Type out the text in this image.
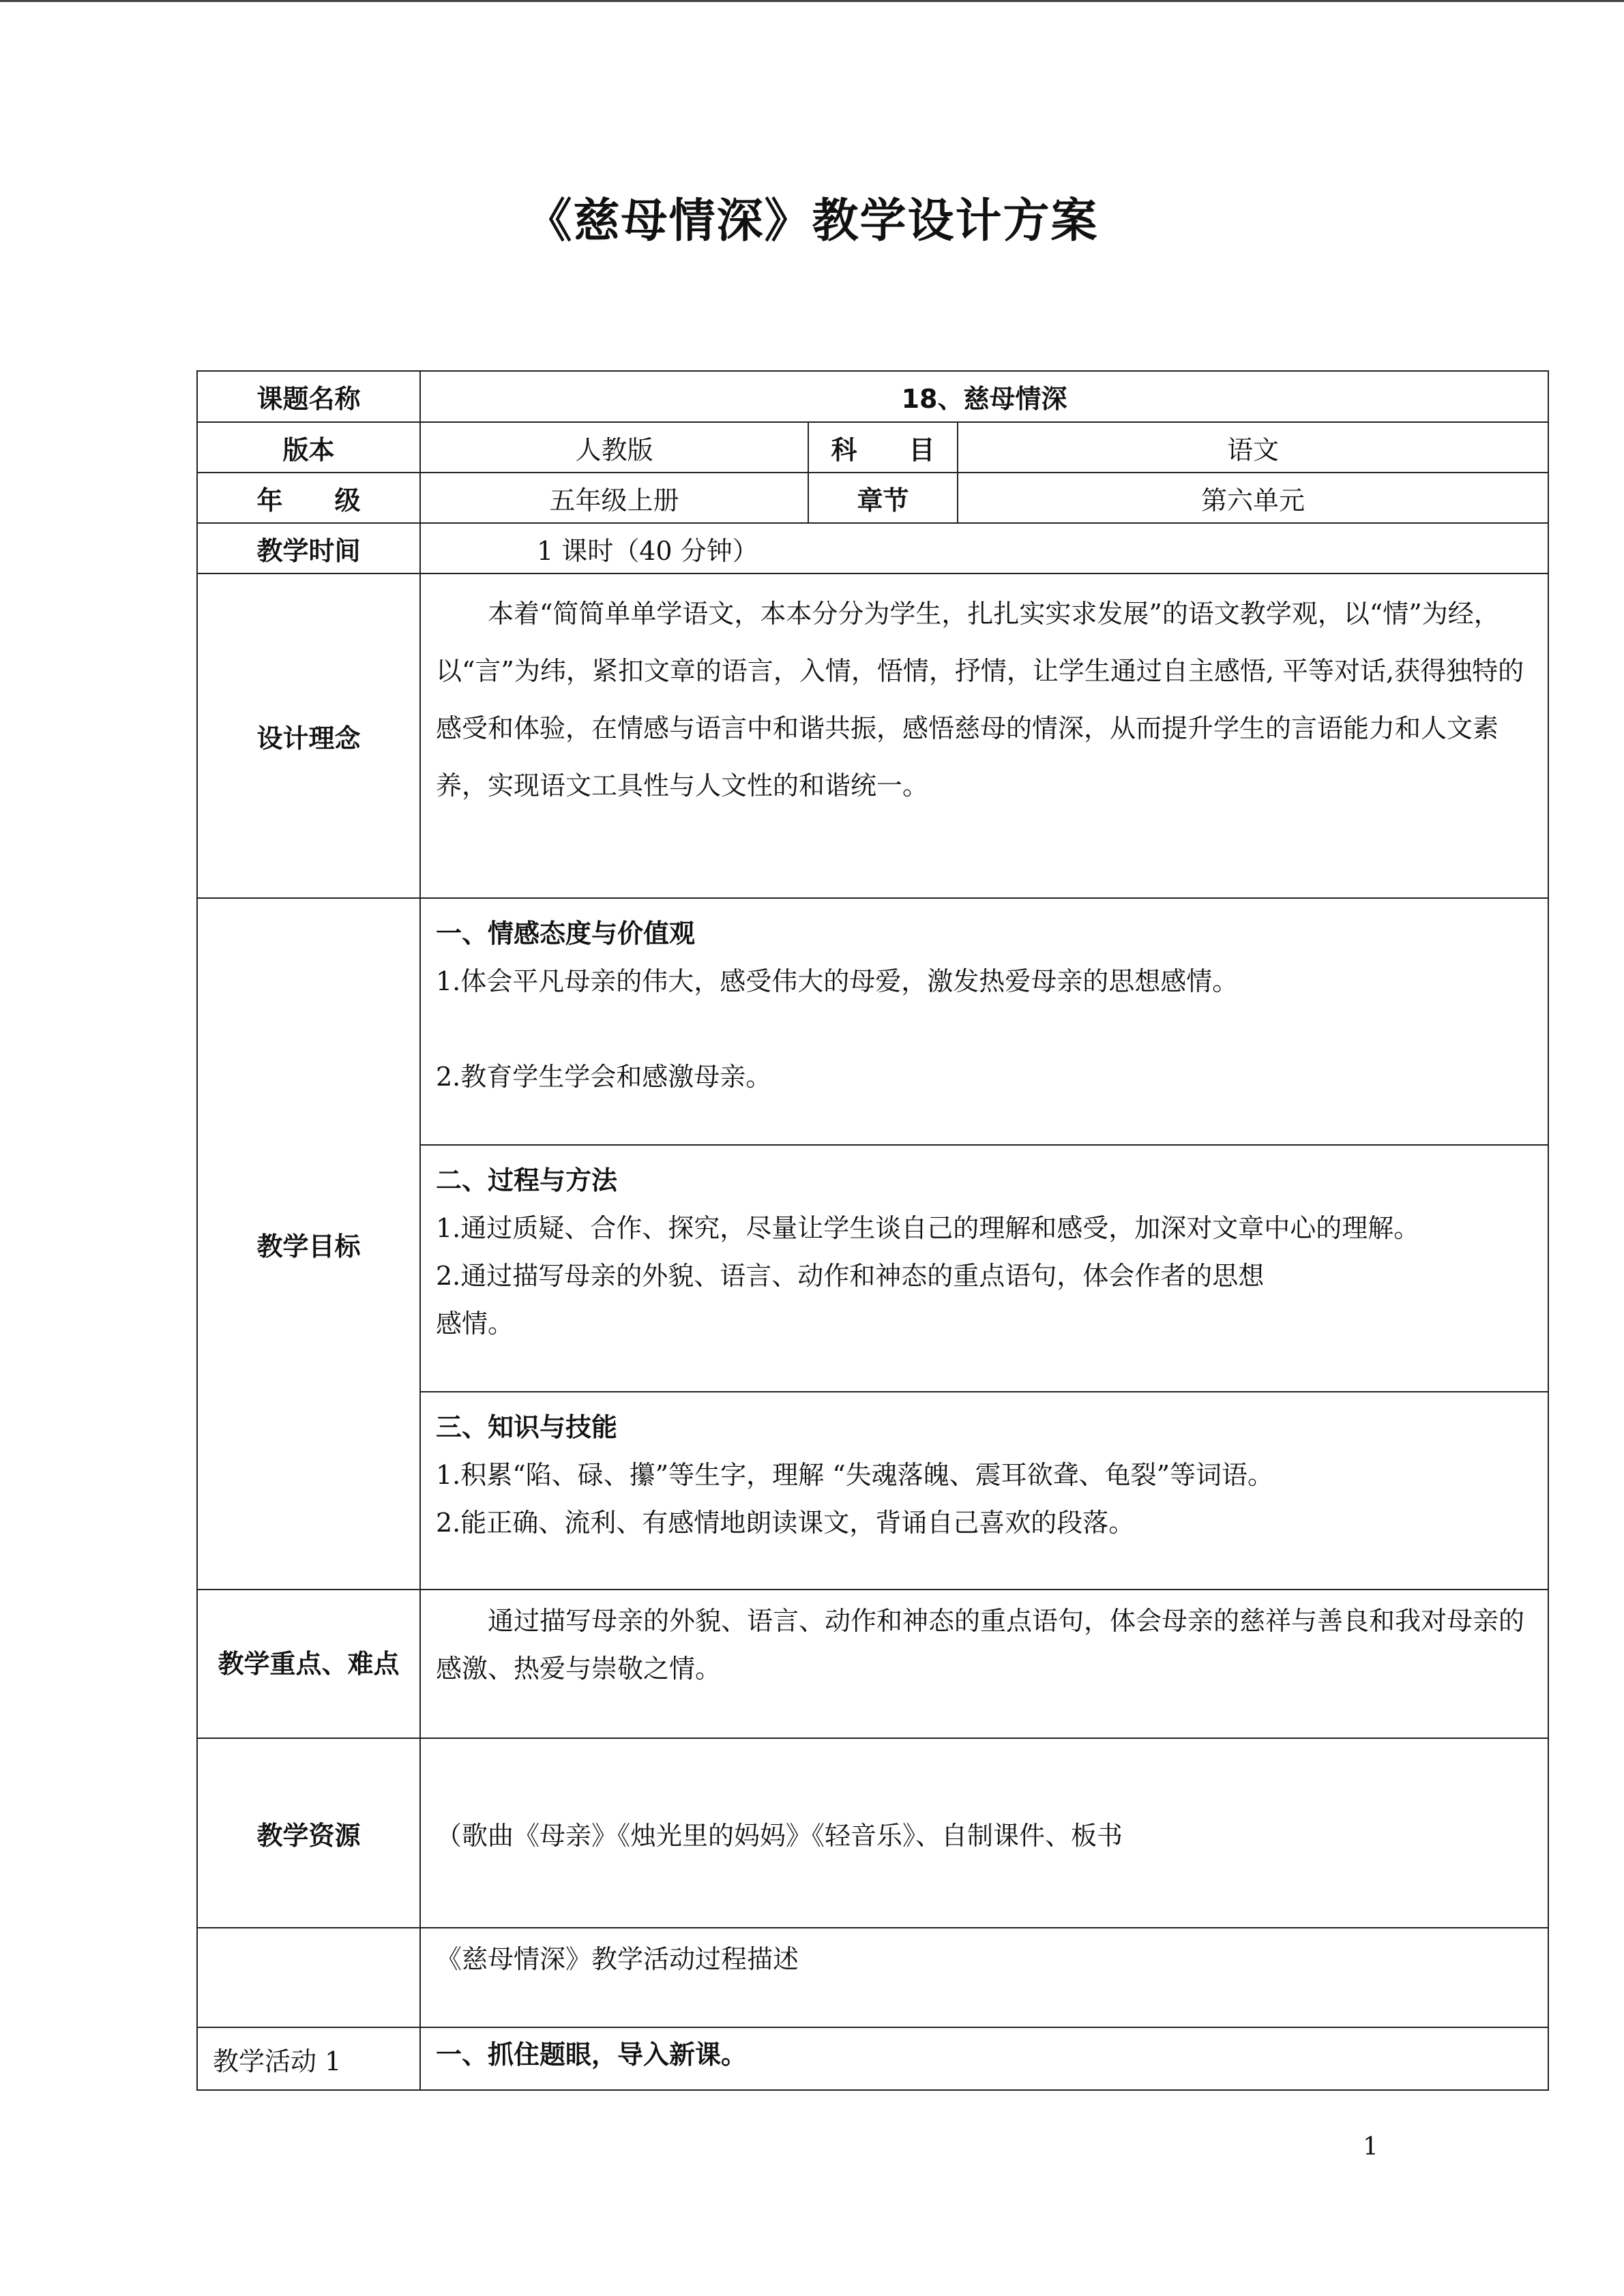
《慈母情深》教学设计方案
课题名称	18、慈母情深		
版本	人教版	科　　目	语文
年　　级	五年级上册	章节	第六单元
教学时间	1 课时（40 分钟）		
设计理念	本着“简简单单学语文，本本分分为学生，扎扎实实求发展”的语文教学观，以“情”为经，以“言”为纬，紧扣文章的语言，入情，悟情，抒情，让学生通过自主感悟, 平等对话,获得独特的感受和体验，在情感与语言中和谐共振，感悟慈母的情深，从而提升学生的言语能力和人文素养，实现语文工具性与人文性的和谐统一。		
教学目标	一、情感态度与价值观
1.体会平凡母亲的伟大，感受伟大的母爱，激发热爱母亲的思想感情。
2.教育学生学会和感激母亲。		

	二、过程与方法
1.通过质疑、合作、探究，尽量让学生谈自己的理解和感受，加深对文章中心的理解。
2.通过描写母亲的外貌、语言、动作和神态的重点语句，体会作者的思想
感情。		

	三、知识与技能
1.积累“陷、碌、攥”等生字，理解 “失魂落魄、震耳欲聋、龟裂”等词语。
2.能正确、流利、有感情地朗读课文，背诵自己喜欢的段落。		

教学重点、难点	通过描写母亲的外貌、语言、动作和神态的重点语句，体会母亲的慈祥与善良和我对母亲的感激、热爱与崇敬之情。		
教学资源	（歌曲《母亲》《烛光里的妈妈》《轻音乐》、自制课件、板书		
	《慈母情深》教学活动过程描述		
教学活动 1	一、抓住题眼，导入新课。		
1
